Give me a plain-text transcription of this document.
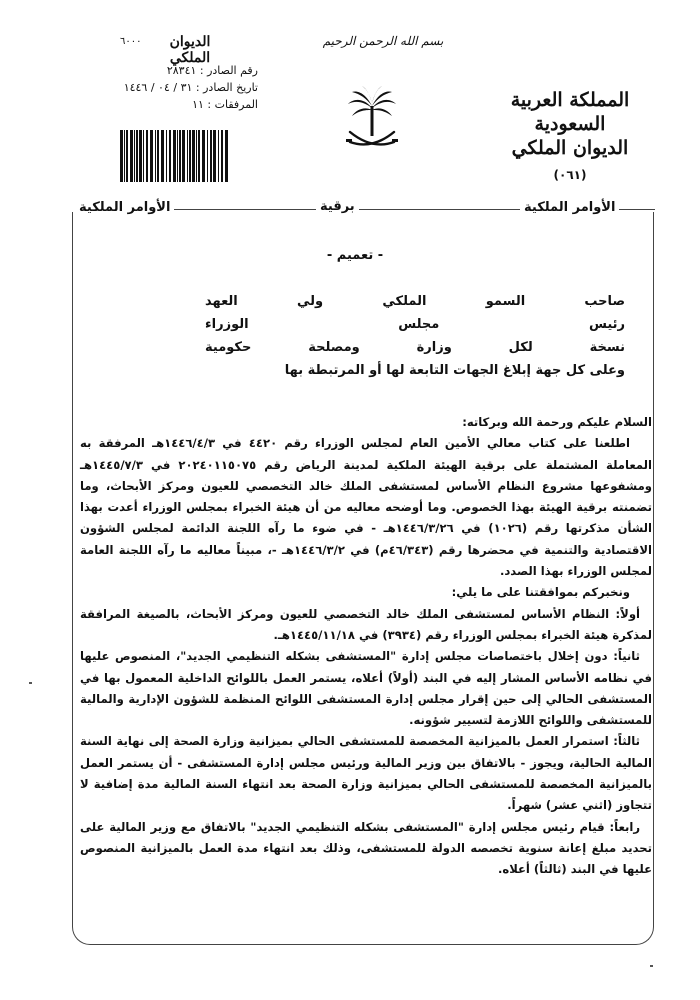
المملكة العربية السعودية
الديوان الملكي
(٠٦١)
بسم الله الرحمن الرحيم
الديوان الملكي
٦٠٠٠
رقم الصادر : ٢٨٣٤١
تاريخ الصادر : ٣١ / ٠٤ / ١٤٤٦
المرفقات : ١١
الأوامر الملكية	برقية	الأوامر الملكية
- تعميم -
صاحب السمو الملكي ولي العهد
رئيس مجلس الوزراء
نسخة لكل وزارة ومصلحة حكومية
وعلى كل جهة إبلاغ الجهات التابعة لها أو المرتبطة بها

السلام عليكم ورحمة الله وبركاته:

اطلعنا على كتاب معالي الأمين العام لمجلس الوزراء رقم ٤٤٢٠ في ١٤٤٦/٤/٣هـ المرفقة به المعاملة المشتملة على برقية الهيئة الملكية لمدينة الرياض رقم ٢٠٢٤٠١١٥٠٧٥ في ١٤٤٥/٧/٣هـ ومشفوعها مشروع النظام الأساس لمستشفى الملك خالد التخصصي للعيون ومركز الأبحاث، وما تضمنته برقية الهيئة بهذا الخصوص. وما أوضحه معاليه من أن هيئة الخبراء بمجلس الوزراء أعدت بهذا الشأن مذكرتها رقم (١٠٢٦) في ١٤٤٦/٣/٢٦هـ - في ضوء ما رآه اللجنة الدائمة لمجلس الشؤون الاقتصادية والتنمية في محضرها رقم (٤٦/٣٤٣م) في ١٤٤٦/٣/٢هـ -، مبيناً معاليه ما رآه اللجنة العامة لمجلس الوزراء بهذا الصدد.

ونخبركم بموافقتنا على ما يلي:

أولاً: النظام الأساس لمستشفى الملك خالد التخصصي للعيون ومركز الأبحاث، بالصيغة المرافقة لمذكرة هيئة الخبراء بمجلس الوزراء رقم (٣٩٣٤) في ١٤٤٥/١١/١٨هـ.

ثانياً: دون إخلال باختصاصات مجلس إدارة "المستشفى بشكله التنظيمي الجديد"، المنصوص عليها في نظامه الأساس المشار إليه في البند (أولاً) أعلاه، يستمر العمل باللوائح الداخلية المعمول بها في المستشفى الحالي إلى حين إقرار مجلس إدارة المستشفى اللوائح المنظمة للشؤون الإدارية والمالية للمستشفى واللوائح اللازمة لتسيير شؤونه.

ثالثاً: استمرار العمل بالميزانية المخصصة للمستشفى الحالي بميزانية وزارة الصحة إلى نهاية السنة المالية الحالية، ويجوز - بالاتفاق بين وزير المالية ورئيس مجلس إدارة المستشفى - أن يستمر العمل بالميزانية المخصصة للمستشفى الحالي بميزانية وزارة الصحة بعد انتهاء السنة المالية مدة إضافية لا تتجاوز (اثني عشر) شهراً.

رابعاً: قيام رئيس مجلس إدارة "المستشفى بشكله التنظيمي الجديد" بالاتفاق مع وزير المالية على تحديد مبلغ إعانة سنوية تخصصه الدولة للمستشفى، وذلك بعد انتهاء مدة العمل بالميزانية المنصوص عليها في البند (ثالثاً) أعلاه.
